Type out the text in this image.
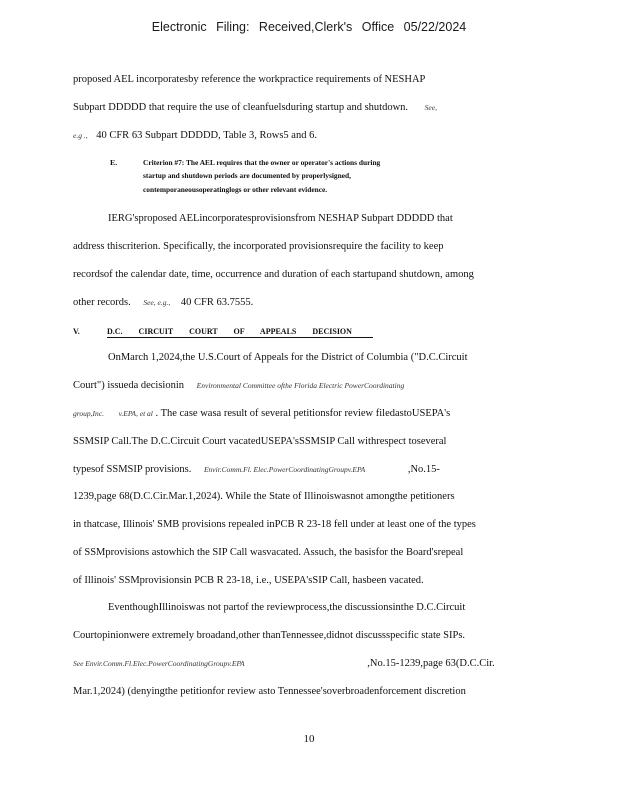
Electronic Filing: Received,Clerk's Office 05/22/2024
proposed AEL incorporatesby reference the workpractice requirements of NESHAP
Subpart DDDDD that require the use of cleanfuelsduring startup and shutdown. See,
e.g ., 40 CFR 63 Subpart DDDDD, Table 3, Rows5 and 6.
E.	Criterion #7: The AEL requires that the owner or operator's actions during
startup and shutdown periods are documented by properlysigned,
contemporaneousoperatinglogs or other relevant evidence.
IERG'sproposed AELincorporatesprovisionsfrom NESHAP Subpart DDDDD that
address thiscriterion. Specifically, the incorporated provisionsrequire the facility to keep
recordsof the calendar date, time, occurrence and duration of each startupand shutdown, among
other records. See, e.g., 40 CFR 63.7555.
V.	D.C. CIRCUIT COURT OF APPEALS DECISION
OnMarch 1,2024,the U.S.Court of Appeals for the District of Columbia ("D.C.Circuit
Court") issueda decisionin Environmental Committee ofthe Florida Electric PowerCoordinating
group,Inc. v.EPA, et al . The case wasa result of several petitionsfor review filedastoUSEPA's
SSMSIP Call.The D.C.Circuit Court vacatedUSEPA'sSSMSIP Call withrespect toseveral
typesof SSMSIP provisions. Envir.Comm.Fl. Elec.PowerCoordinatingGroupv.EPA	,No.15-
1239,page 68(D.C.Cir.Mar.1,2024). While the State of Illinoiswasnot amongthe petitioners
in thatcase, Illinois' SMB provisions repealed inPCB R 23-18 fell under at least one of the types
of SSMprovisions astowhich the SIP Call wasvacated. Assuch, the basisfor the Board'srepeal
of Illinois' SSMprovisionsin PCB R 23-18, i.e., USEPA'sSIP Call, hasbeen vacated.
EventhoughIllinoiswas not partof the reviewprocess,the discussionsinthe D.C.Circuit
Courtopinionwere extremely broadand,other thanTennessee,didnot discussspecific state SIPs.
See Envir.Comm.Fl.Elec.PowerCoordinatingGroupv.EPA	,No.15-1239,page 63(D.C.Cir.
Mar.1,2024) (denyingthe petitionfor review asto Tennessee'soverbroadenforcement discretion
10
